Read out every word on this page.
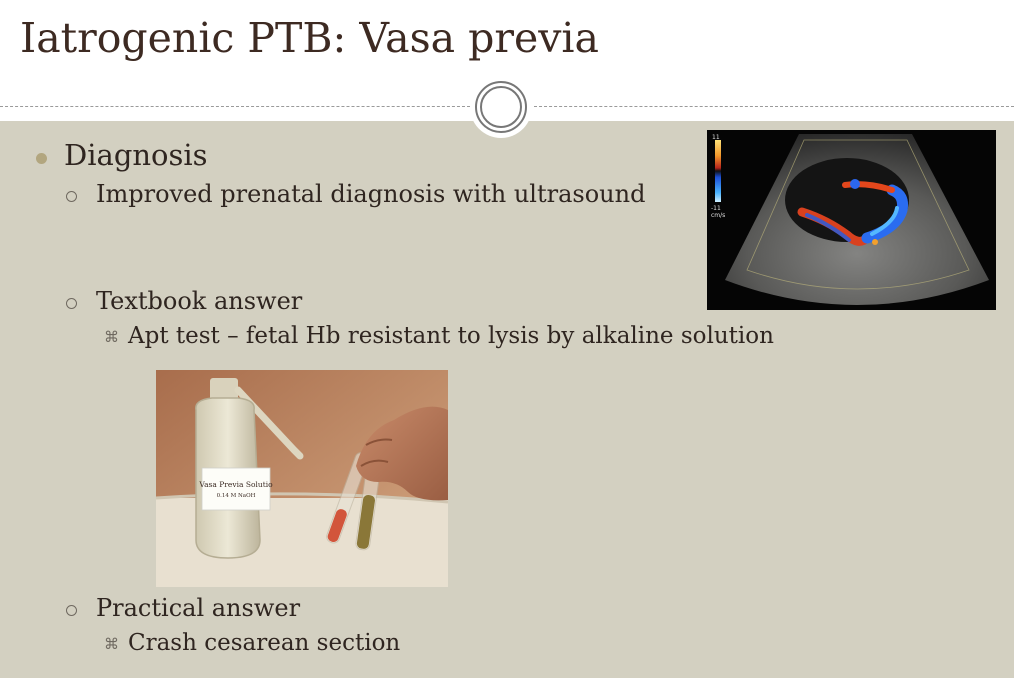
Iatrogenic PTB: Vasa previa
Diagnosis
Improved prenatal diagnosis with ultrasound
Textbook answer
⌘ Apt test – fetal Hb resistant to lysis by alkaline solution
Practical answer
⌘ Crash cesarean section
11
-11
cm/s
Vasa Previa Solutio
0.14 M NaOH
